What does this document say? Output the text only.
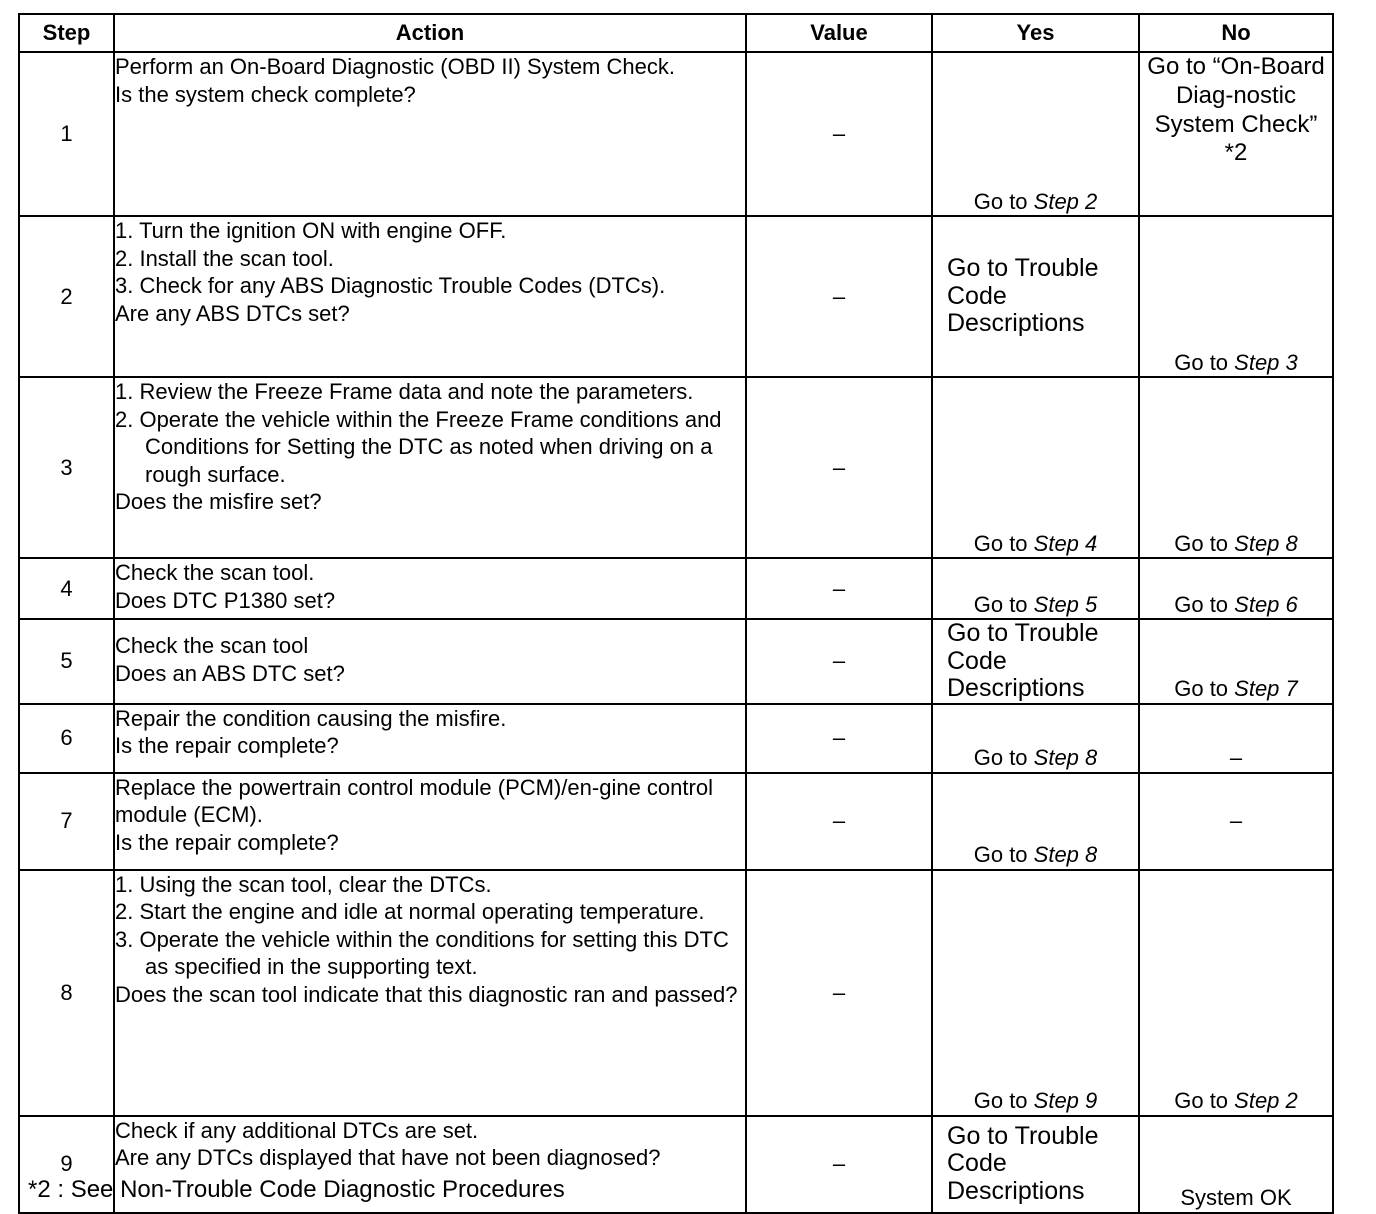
Step	Action	Value	Yes	No
1	Perform an On-Board Diagnostic (OBD II) System Check.
Is the system check complete?	–	Go to Step 2	Go to “On-Board Diag-nostic System Check” *2
2	1. Turn the ignition ON with engine OFF.
2. Install the scan tool.
3. Check for any ABS Diagnostic Trouble Codes (DTCs).
Are any ABS DTCs set?	–	Go to Trouble Code Descriptions	Go to Step 3
3	1. Review the Freeze Frame data and note the parameters.
2. Operate the vehicle within the Freeze Frame conditions and Conditions for Setting the DTC as noted when driving on a rough surface.
Does the misfire set?	–	Go to Step 4	Go to Step 8
4	Check the scan tool.
Does DTC P1380 set?	–	Go to Step 5	Go to Step 6
5	Check the scan tool
Does an ABS DTC set?	–	Go to Trouble Code Descriptions	Go to Step 7
6	Repair the condition causing the misfire.
Is the repair complete?	–	Go to Step 8	–
7	Replace the powertrain control module (PCM)/en-gine control module (ECM).
Is the repair complete?	–	Go to Step 8	–
8	1. Using the scan tool, clear the DTCs.
2. Start the engine and idle at normal operating temperature.
3. Operate the vehicle within the conditions for setting this DTC as specified in the supporting text.
Does the scan tool indicate that this diagnostic ran and passed?	–	Go to Step 9	Go to Step 2
9	Check if any additional DTCs are set.
Are any DTCs displayed that have not been diagnosed?	–	Go to Trouble Code Descriptions	System OK
*2 : See Non-Trouble Code Diagnostic Procedures
